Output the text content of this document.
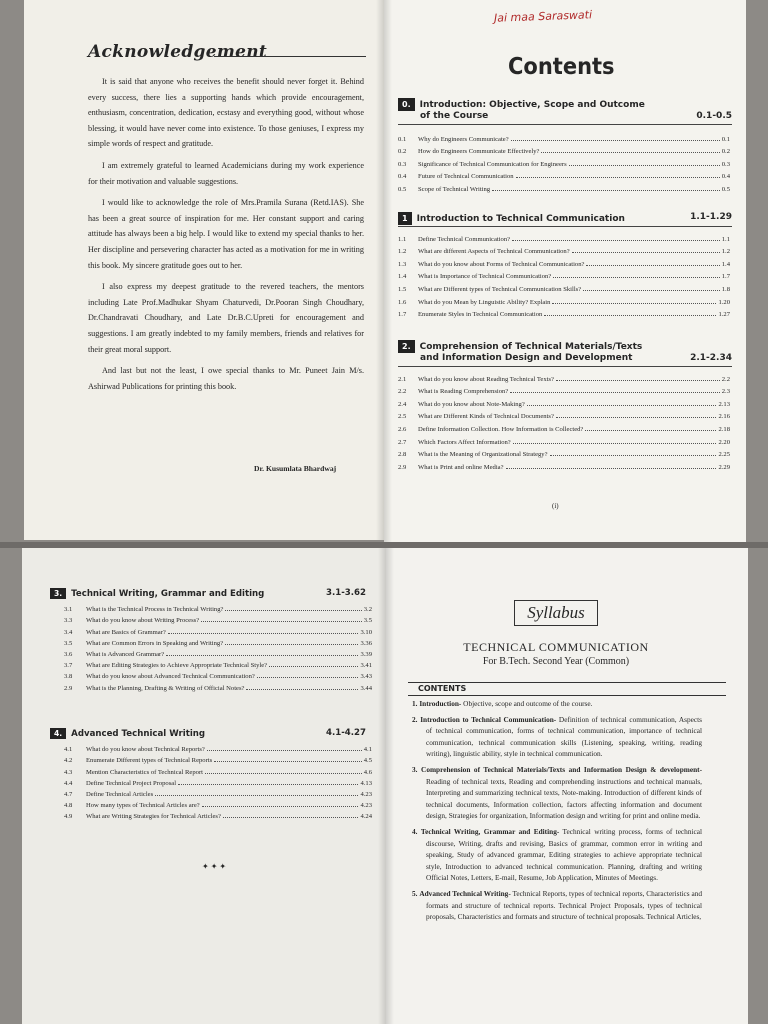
Acknowledgement

It is said that anyone who receives the benefit should never forget it. Behind every success, there lies a supporting hands which provide encouragement, enthusiasm, concentration, dedication, ecstasy and everything good, without whose blessing, it would have never come into existence. To those geniuses, I express my simple words of respect and gratitude.

I am extremely grateful to learned Academicians during my work experience for their motivation and valuable suggestions.

I would like to acknowledge the role of Mrs.Pramila Surana (Retd.IAS). She has been a great source of inspiration for me. Her constant support and caring attitude has always been a big help. I would like to extend my special thanks to her. Her discipline and persevering character has acted as a motivation for me in writing this book. My sincere gratitude goes out to her.

I also express my deepest gratitude to the revered teachers, the mentors including Late Prof.Madhukar Shyam Chaturvedi, Dr.Pooran Singh Choudhary, Dr.Chandravati Choudhary, and Late Dr.B.C.Upreti for encouragement and suggestions. I am greatly indebted to my family members, friends and relatives for their great moral support.

And last but not the least, I owe special thanks to Mr. Puneet Jain M/s. Ashirwad Publications for printing this book.

Dr. Kusumlata Bhardwaj
Jai maa Saraswati
Contents
0. Introduction: Objective, Scope and Outcome
of the Course	0.1-0.5
0.1	Why do Engineers Communicate?	0.1
0.2	How do Engineers Communicate Effectively?	0.2
0.3	Significance of Technical Communication for Engineers	0.3
0.4	Future of Technical Communication	0.4
0.5	Scope of Technical Writing	0.5
1 Introduction to Technical Communication	1.1-1.29
1.1	Define Technical Communication?	1.1
1.2	What are different Aspects of Technical Communication?	1.2
1.3	What do you know about Forms of Technical Communication?	1.4
1.4	What is Importance of Technical Communication?	1.7
1.5	What are Different types of Technical Communication Skills?	1.8
1.6	What do you Mean by Linguistic Ability? Explain	1.20
1.7	Enumerate Styles in Technical Communication	1.27
2. Comprehension of Technical Materials/Texts
and Information Design and Development	2.1-2.34
2.1	What do you know about Reading Technical Texts?	2.2
2.2	What is Reading Comprehension?	2.3
2.4	What do you know about Note-Making?	2.13
2.5	What are Different Kinds of Technical Documents?	2.16
2.6	Define Information Collection. How Information is Collected?	2.18
2.7	Which Factors Affect Information?	2.20
2.8	What is the Meaning of Organizational Strategy?	2.25
2.9	What is Print and online Media?	2.29
(i)
3. Technical Writing, Grammar and Editing	3.1-3.62
3.1	What is the Technical Process in Technical Writing?	3.2
3.3	What do you know about Writing Process?	3.5
3.4	What are Basics of Grammar?	3.10
3.5	What are Common Errors in Speaking and Writing?	3.36
3.6	What is Advanced Grammar?	3.39
3.7	What are Editing Strategies to Achieve Appropriate Technical Style?	3.41
3.8	What do you know about Advanced Technical Communication?	3.43
2.9	What is the Planning, Drafting & Writing of Official Notes?	3.44
4. Advanced Technical Writing	4.1-4.27
4.1	What do you know about Technical Reports?	4.1
4.2	Enumerate Different types of Technical Reports	4.5
4.3	Mention Characteristics of Technical Report	4.6
4.4	Define Technical Project Proposal	4.13
4.7	Define Technical Articles	4.23
4.8	How many types of Technical Articles are?	4.23
4.9	What are Writing Strategies for Technical Articles?	4.24
✦✦✦
Syllabus
TECHNICAL COMMUNICATION
For B.Tech. Second Year (Common)
CONTENTS
1. Introduction- Objective, scope and outcome of the course.
2. Introduction to Technical Communication- Definition of technical communication, Aspects of technical communication, forms of technical communication, importance of technical communication, technical communication skills (Listening, speaking, writing, reading writing), linguistic ability, style in technical communication.
3. Comprehension of Technical Materials/Texts and Information Design & development- Reading of technical texts, Reading and comprehending instructions and technical manuals, Interpreting and summarizing technical texts, Note-making. Introduction of different kinds of technical documents, Information collection, factors affecting information and document design, Strategies for organization, Information design and writing for print and online media.
4. Technical Writing, Grammar and Editing- Technical writing process, forms of technical discourse, Writing, drafts and revising, Basics of grammar, common error in writing and speaking, Study of advanced grammar, Editing strategies to achieve appropriate technical style, Introduction to advanced technical communication. Planning, drafting and writing Official Notes, Letters, E-mail, Resume, Job Application, Minutes of Meetings.
5. Advanced Technical Writing- Technical Reports, types of technical reports, Characteristics and formats and structure of technical reports. Technical Project Proposals, types of technical proposals, Characteristics and formats and structure of technical proposals. Technical Articles,
